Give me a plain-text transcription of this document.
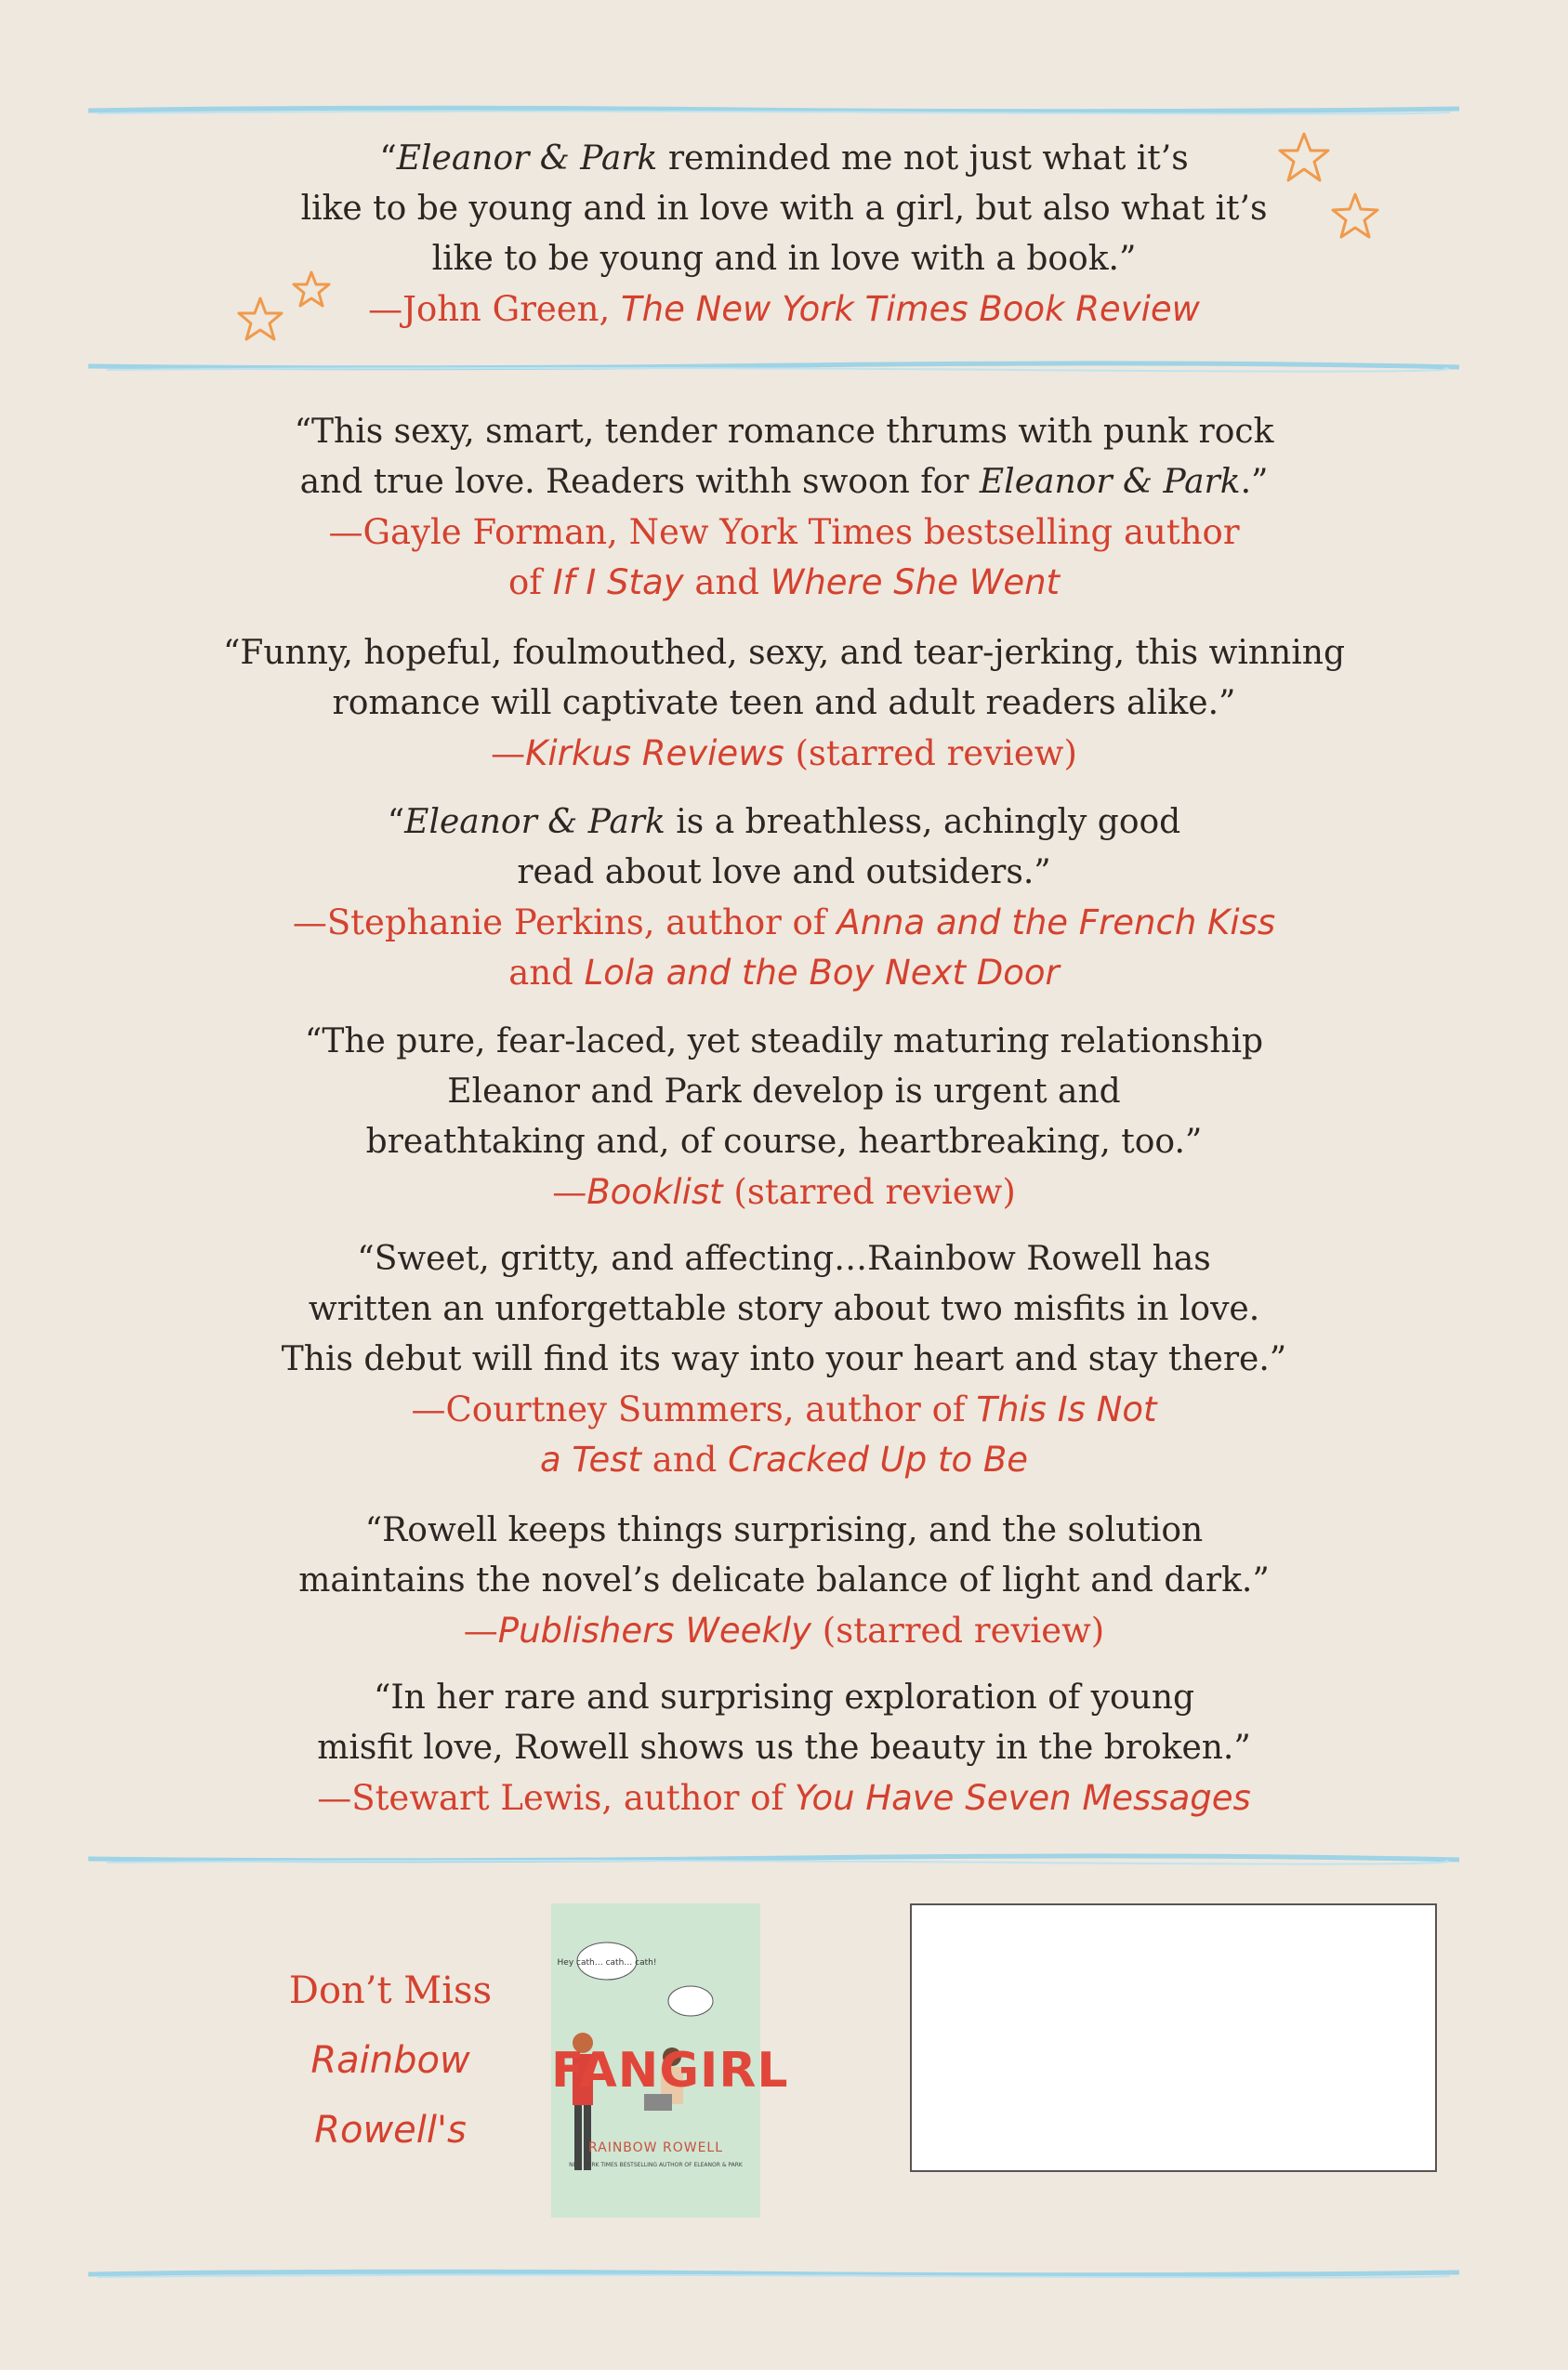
“Eleanor & Park reminded me not just what it’s
like to be young and in love with a girl, but also what it’s
like to be young and in love with a book.”
—John Green, The New York Times Book Review
“This sexy, smart, tender romance thrums with punk rock
and true love. Readers withh swoon for Eleanor & Park.”
—Gayle Forman, New York Times bestselling author
of If I Stay and Where She Went
“Funny, hopeful, foulmouthed, sexy, and tear-jerking, this winning
romance will captivate teen and adult readers alike.”
—Kirkus Reviews (starred review)
“Eleanor & Park is a breathless, achingly good
read about love and outsiders.”
—Stephanie Perkins, author of Anna and the French Kiss
and Lola and the Boy Next Door
“The pure, fear-laced, yet steadily maturing relationship
Eleanor and Park develop is urgent and
breathtaking and, of course, heartbreaking, too.”
—Booklist (starred review)
“Sweet, gritty, and affecting…Rainbow Rowell has
written an unforgettable story about two misfits in love.
This debut will find its way into your heart and stay there.”
—Courtney Summers, author of This Is Not
a Test and Cracked Up to Be
“Rowell keeps things surprising, and the solution
maintains the novel’s delicate balance of light and dark.”
—Publishers Weekly (starred review)
“In her rare and surprising exploration of young
misfit love, Rowell shows us the beauty in the broken.”
—Stewart Lewis, author of You Have Seven Messages
Don’t Miss
Rainbow
Rowell's
Hey cath… cath… cath!
FANGIRL
RAINBOW ROWELL
NEW YORK TIMES BESTSELLING AUTHOR OF ELEANOR & PARK
